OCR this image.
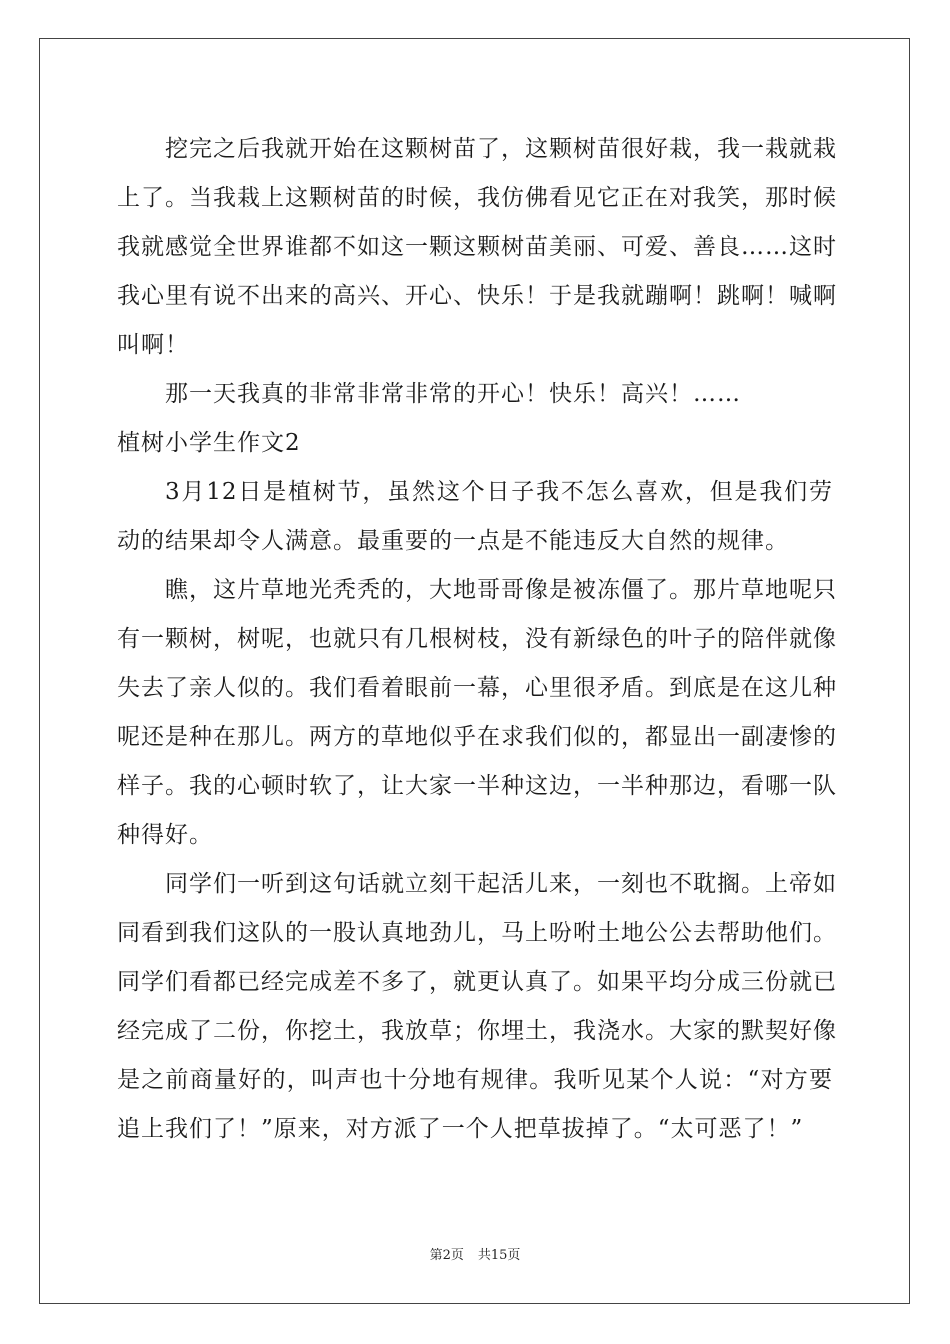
挖完之后我就开始在这颗树苗了，这颗树苗很好栽，我一栽就栽
上了。当我栽上这颗树苗的时候，我仿佛看见它正在对我笑，那时候
我就感觉全世界谁都不如这一颗这颗树苗美丽、可爱、善良……这时
我心里有说不出来的高兴、开心、快乐！于是我就蹦啊！跳啊！喊啊
叫啊！
那一天我真的非常非常非常的开心！快乐！高兴！……
植树小学生作文2
3月12日是植树节，虽然这个日子我不怎么喜欢，但是我们劳
动的结果却令人满意。最重要的一点是不能违反大自然的规律。
瞧，这片草地光秃秃的，大地哥哥像是被冻僵了。那片草地呢只
有一颗树，树呢，也就只有几根树枝，没有新绿色的叶子的陪伴就像
失去了亲人似的。我们看着眼前一幕，心里很矛盾。到底是在这儿种
呢还是种在那儿。两方的草地似乎在求我们似的，都显出一副凄惨的
样子。我的心顿时软了，让大家一半种这边，一半种那边，看哪一队
种得好。
同学们一听到这句话就立刻干起活儿来，一刻也不耽搁。上帝如
同看到我们这队的一股认真地劲儿，马上吩咐土地公公去帮助他们。
同学们看都已经完成差不多了，就更认真了。如果平均分成三份就已
经完成了二份，你挖土，我放草；你埋土，我浇水。大家的默契好像
是之前商量好的，叫声也十分地有规律。我听见某个人说：“对方要
追上我们了！”原来，对方派了一个人把草拔掉了。“太可恶了！”
第2页 共15页
